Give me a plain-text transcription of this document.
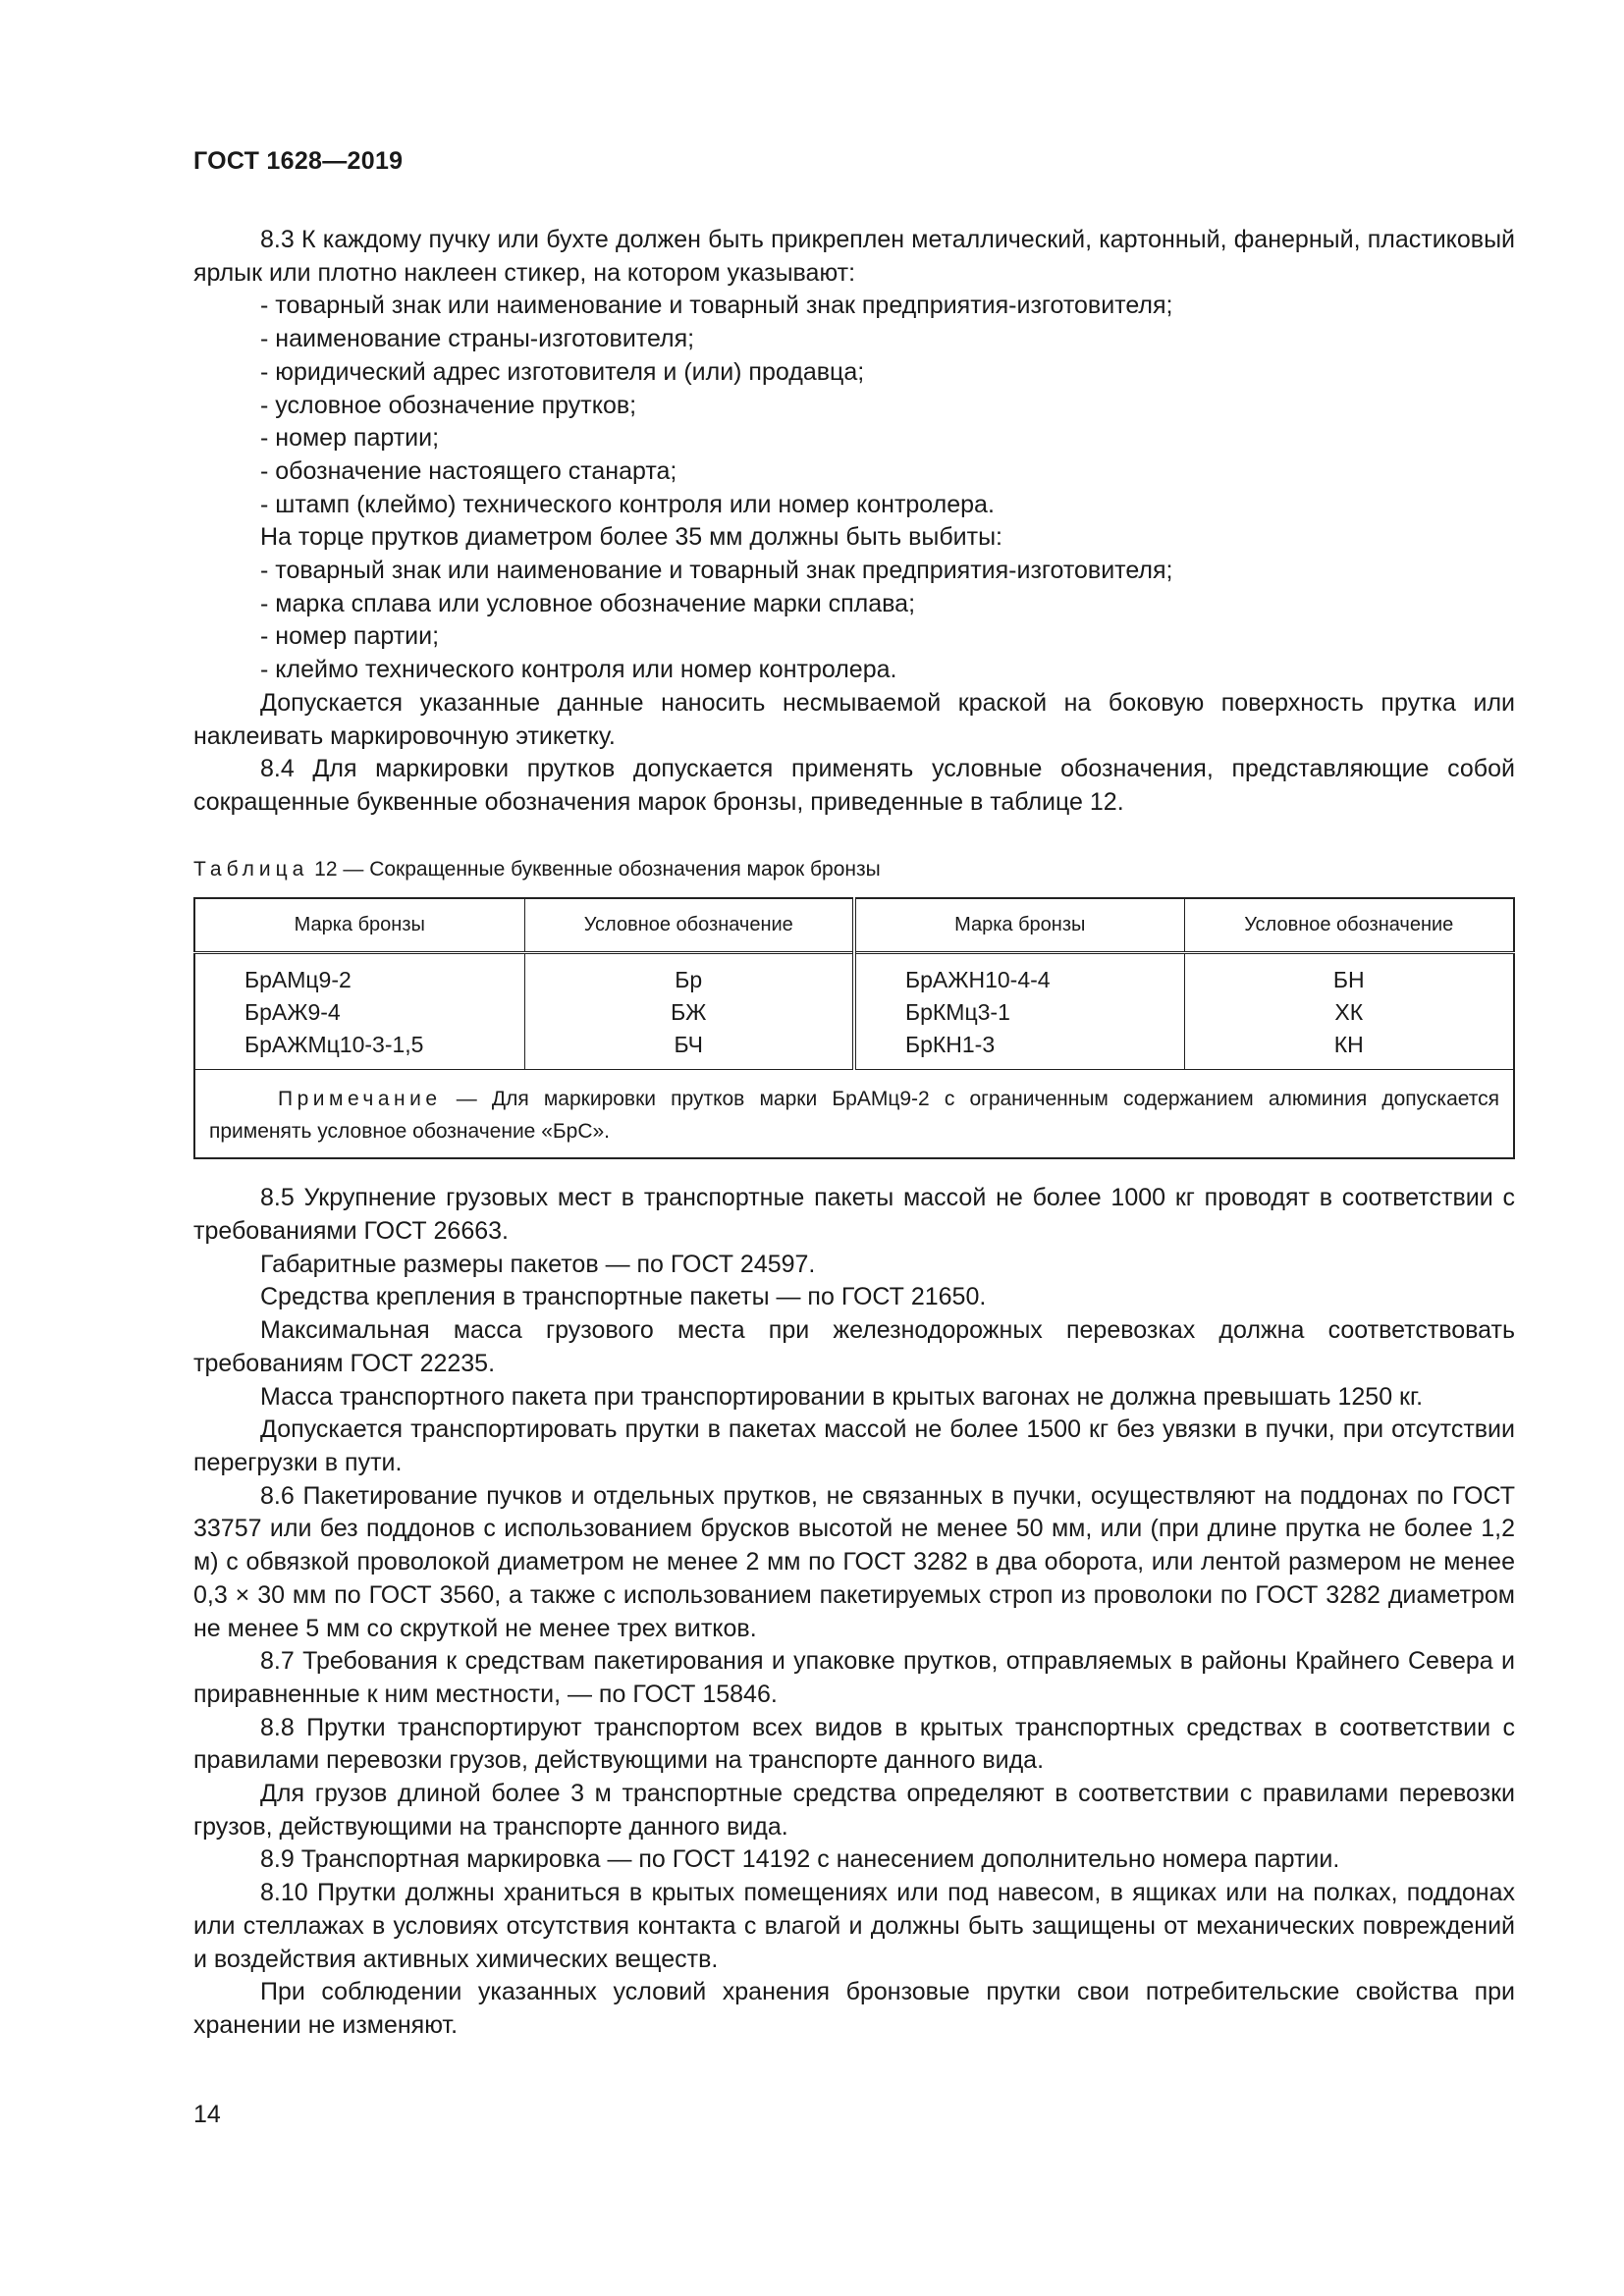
ГОСТ 1628—2019

8.3 К каждому пучку или бухте должен быть прикреплен металлический, картонный, фанерный, пластиковый ярлык или плотно наклеен стикер, на котором указывают:

- товарный знак или наименование и товарный знак предприятия-изготовителя;

- наименование страны-изготовителя;

- юридический адрес изготовителя и (или) продавца;

- условное обозначение прутков;

- номер партии;

- обозначение настоящего станарта;

- штамп (клеймо) технического контроля или номер контролера.

На торце прутков диаметром более 35 мм должны быть выбиты:

- товарный знак или наименование и товарный знак предприятия-изготовителя;

- марка сплава или условное обозначение марки сплава;

- номер партии;

- клеймо технического контроля или номер контролера.

Допускается указанные данные наносить несмываемой краской на боковую поверхность прутка или наклеивать маркировочную этикетку.

8.4 Для маркировки прутков допускается применять условные обозначения, представляющие собой сокращенные буквенные обозначения марок бронзы, приведенные в таблице 12.

Таблица 12 — Сокращенные буквенные обозначения марок бронзы
Марка бронзы	Условное обозначение	Марка бронзы	Условное обозначение
БрАМц9-2	Бр	БрАЖН10-4-4	БН
БрАЖ9-4	БЖ	БрКМц3-1	ХК
БрАЖМц10-3-1,5	БЧ	БрКН1-3	КН
Примечание — Для маркировки прутков марки БрАМц9-2 с ограниченным содержанием алюминия допускается применять условное обозначение «БрС».			

8.5 Укрупнение грузовых мест в транспортные пакеты массой не более 1000 кг проводят в соответствии с требованиями ГОСТ 26663.

Габаритные размеры пакетов — по ГОСТ 24597.

Средства крепления в транспортные пакеты — по ГОСТ 21650.

Максимальная масса грузового места при железнодорожных перевозках должна соответствовать требованиям ГОСТ 22235.

Масса транспортного пакета при транспортировании в крытых вагонах не должна превышать 1250 кг.

Допускается транспортировать прутки в пакетах массой не более 1500 кг без увязки в пучки, при отсутствии перегрузки в пути.

8.6 Пакетирование пучков и отдельных прутков, не связанных в пучки, осуществляют на поддонах по ГОСТ 33757 или без поддонов с использованием брусков высотой не менее 50 мм, или (при длине прутка не более 1,2 м) с обвязкой проволокой диаметром не менее 2 мм по ГОСТ 3282 в два оборота, или лентой размером не менее 0,3 × 30 мм по ГОСТ 3560, а также с использованием пакетируемых строп из проволоки по ГОСТ 3282 диаметром не менее 5 мм со скруткой не менее трех витков.

8.7 Требования к средствам пакетирования и упаковке прутков, отправляемых в районы Крайнего Севера и приравненные к ним местности, — по ГОСТ 15846.

8.8 Прутки транспортируют транспортом всех видов в крытых транспортных средствах в соответствии с правилами перевозки грузов, действующими на транспорте данного вида.

Для грузов длиной более 3 м транспортные средства определяют в соответствии с правилами перевозки грузов, действующими на транспорте данного вида.

8.9 Транспортная маркировка — по ГОСТ 14192 с нанесением дополнительно номера партии.

8.10 Прутки должны храниться в крытых помещениях или под навесом, в ящиках или на полках, поддонах или стеллажах в условиях отсутствия контакта с влагой и должны быть защищены от механических повреждений и воздействия активных химических веществ.

При соблюдении указанных условий хранения бронзовые прутки свои потребительские свойства при хранении не изменяют.

14
